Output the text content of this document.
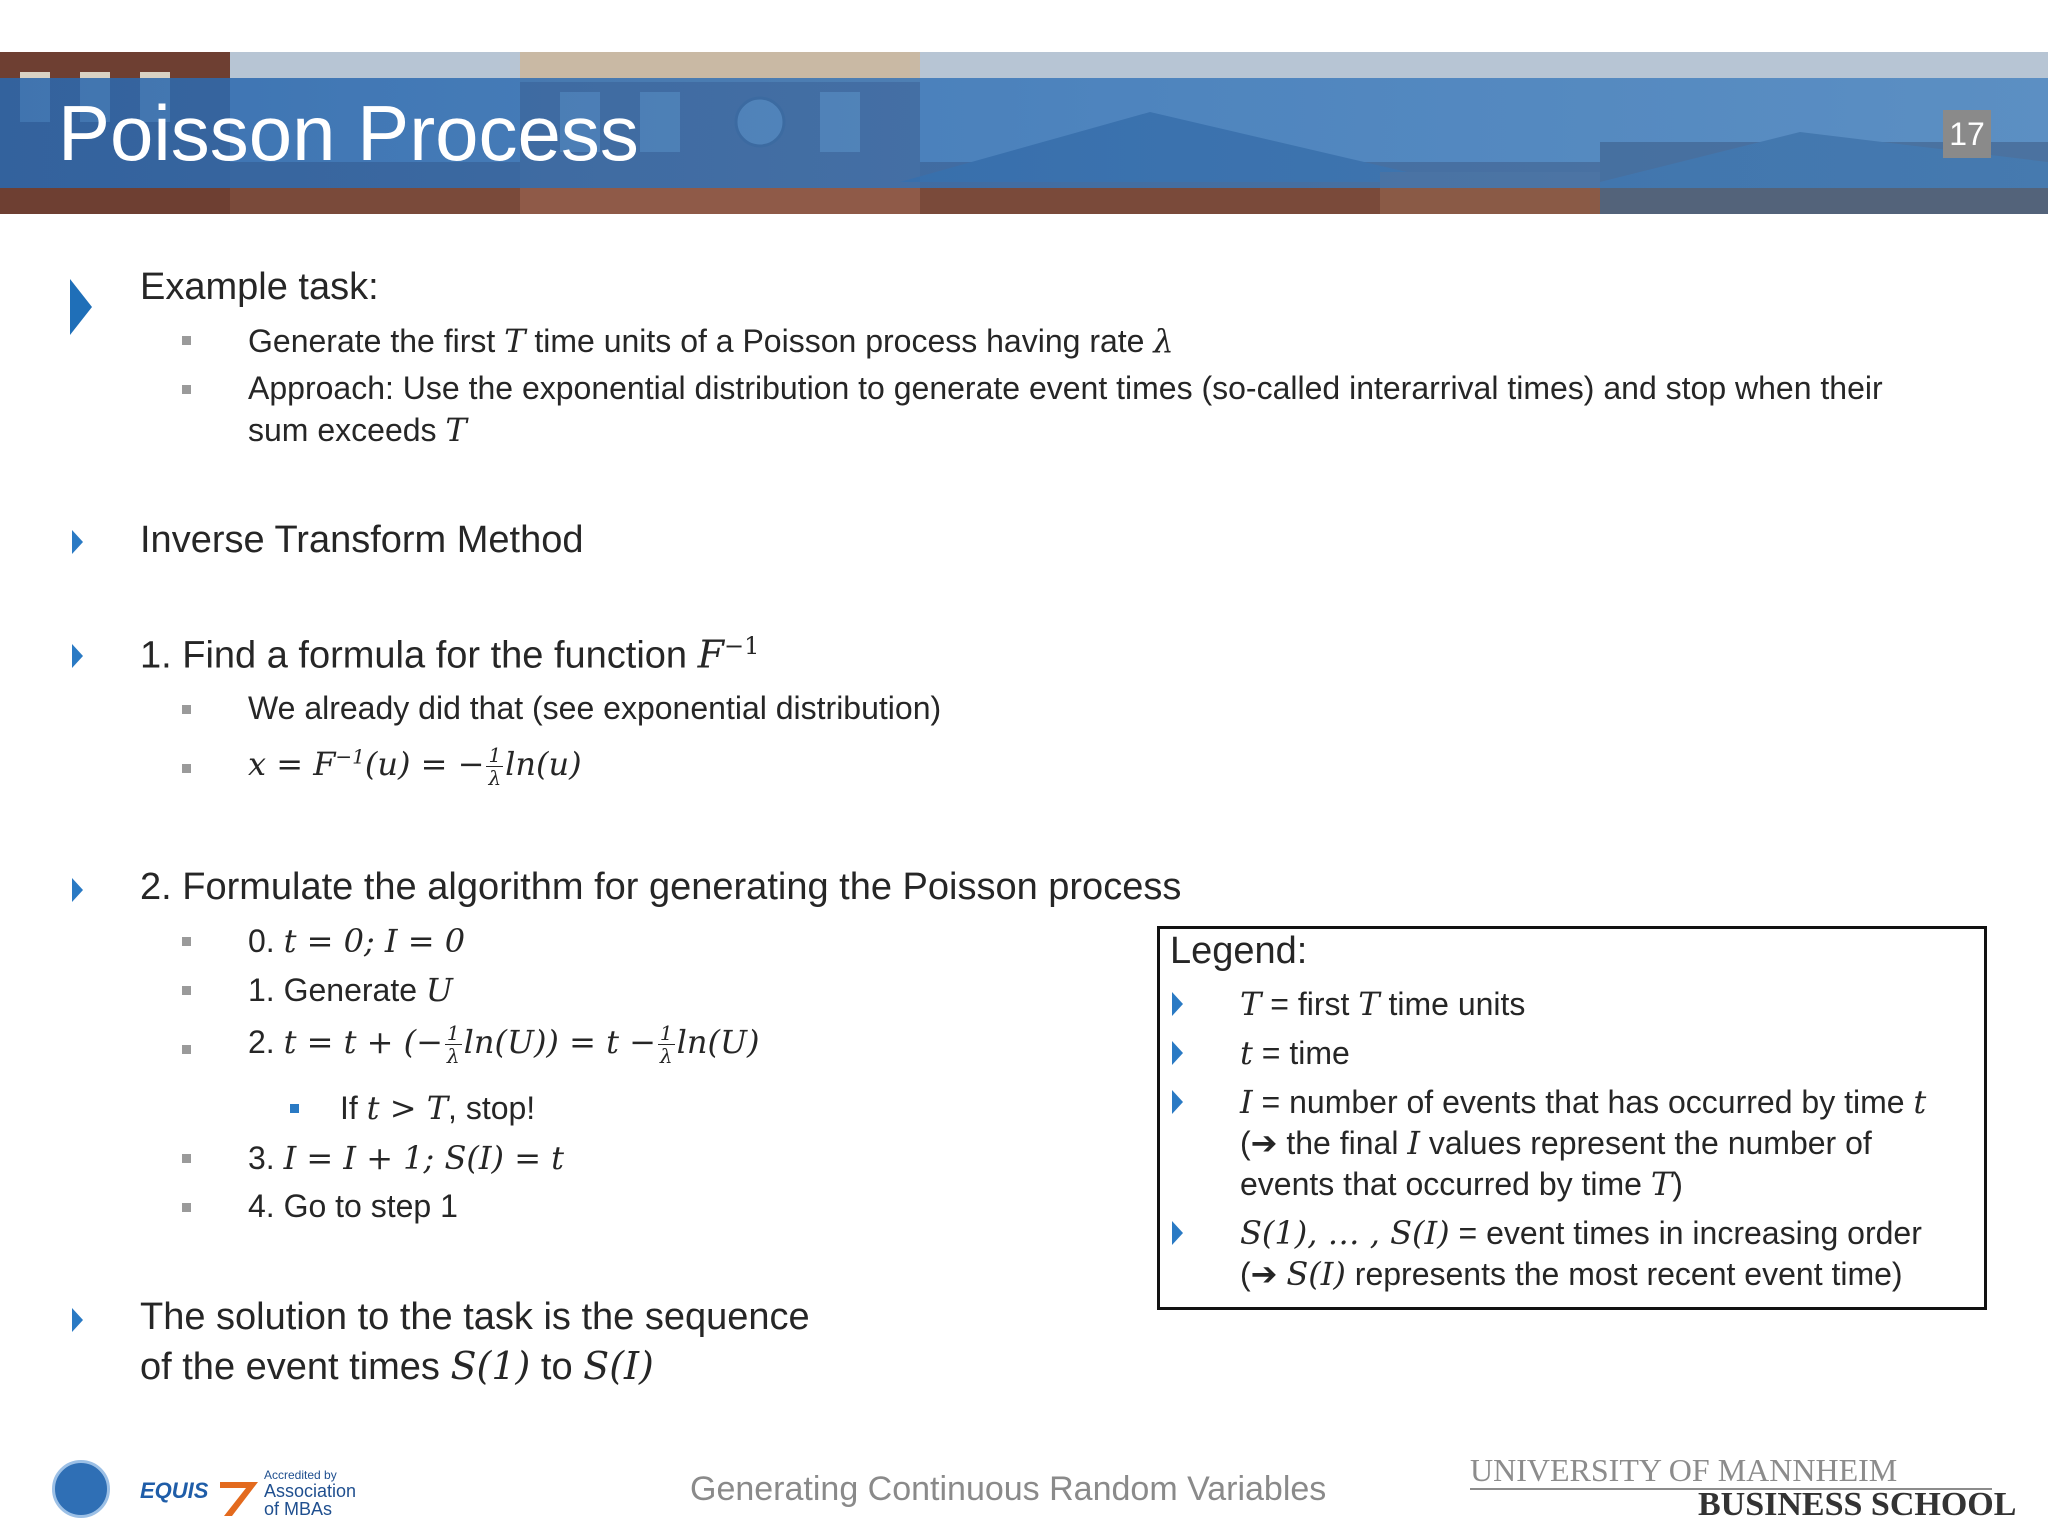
Poisson Process	17
Example task:
Generate the first T time units of a Poisson process having rate λ
Approach: Use the exponential distribution to generate event times (so-called interarrival times) and stop when their
sum exceeds T
Inverse Transform Method
1. Find a formula for the function $F^{-1}$
We already did that (see exponential distribution)
$x = F^{-1}(u)$ = − $\frac{1}{\lambda} \ln(u)$
2. Formulate the algorithm for generating the Poisson process
0. t = 0; I = 0
1. Generate U
2. t = t + (− $\frac{1}{\lambda} \ln(U)) = t - \frac{1}{\lambda} \ln(U)$
If t > T, stop!
3. I = I + 1; S(I) = t
4. Go to step 1
The solution to the task is the sequence
of the event times S(1) to S(I)
Legend:
T = first T time units
t = time
I = number of events that has occurred by time t
(➔ the final I values represent the number of
events that occurred by time T)
S(1), … , S(I) = event times in increasing order
(➔ S(I) represents the most recent event time)
EQUIS
Accredited by
Association
of MBAs
Generating Continuous Random Variables	UNIVERSITY OF MANNHEIM
BUSINESS SCHOOL
